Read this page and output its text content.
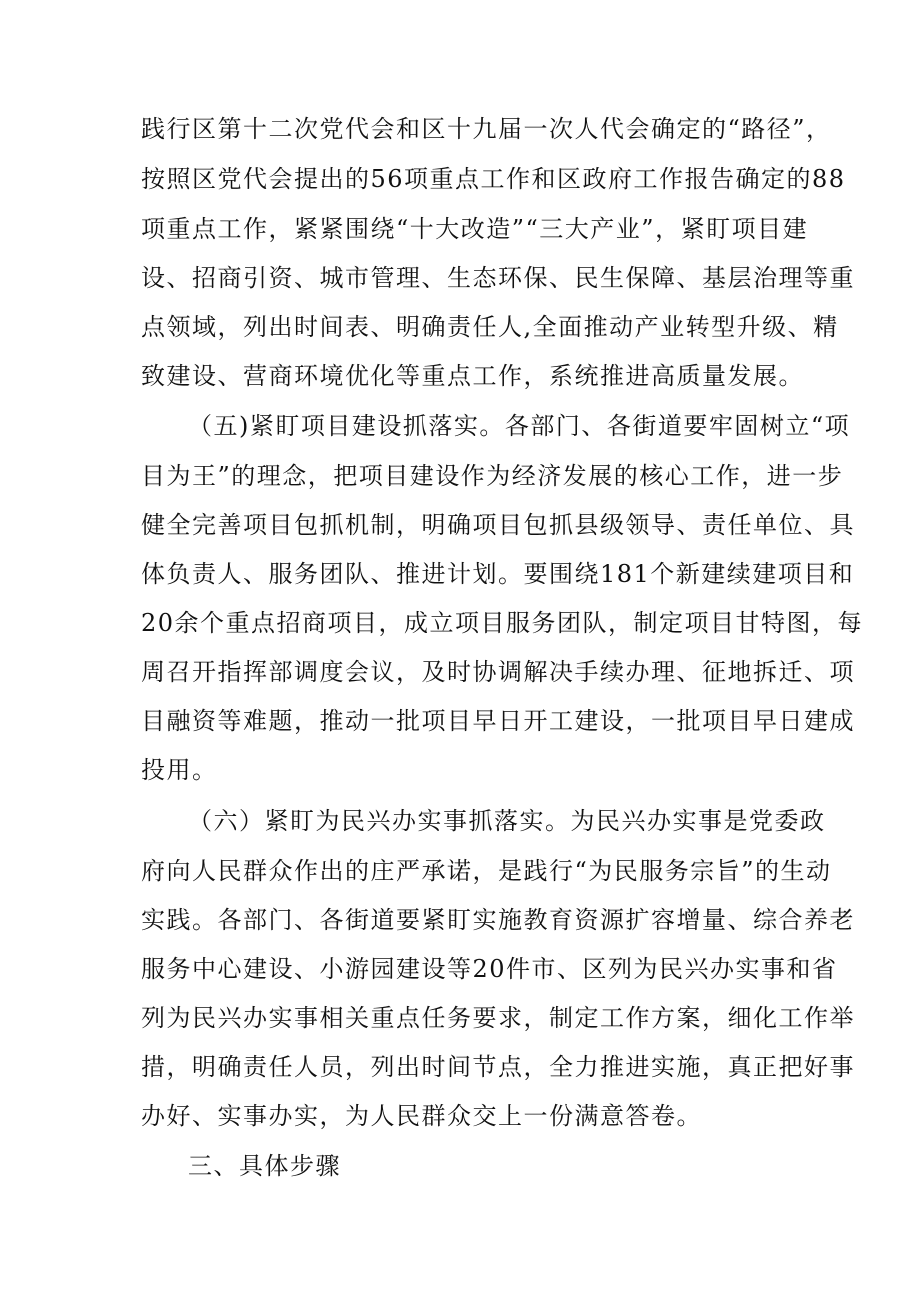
践行区第十二次党代会和区十九届一次人代会确定的“路径”，
按照区党代会提出的56项重点工作和区政府工作报告确定的88
项重点工作，紧紧围绕“十大改造”“三大产业”，紧盯项目建
设、招商引资、城市管理、生态环保、民生保障、基层治理等重
点领域，列出时间表、明确责任人,全面推动产业转型升级、精
致建设、营商环境优化等重点工作，系统推进高质量发展。
（五)紧盯项目建设抓落实。各部门、各街道要牢固树立“项
目为王”的理念，把项目建设作为经济发展的核心工作，进一步
健全完善项目包抓机制，明确项目包抓县级领导、责任单位、具
体负责人、服务团队、推进计划。要围绕181个新建续建项目和
20余个重点招商项目，成立项目服务团队，制定项目甘特图，每
周召开指挥部调度会议，及时协调解决手续办理、征地拆迁、项
目融资等难题，推动一批项目早日开工建设，一批项目早日建成
投用。
（六）紧盯为民兴办实事抓落实。为民兴办实事是党委政
府向人民群众作出的庄严承诺，是践行“为民服务宗旨”的生动
实践。各部门、各街道要紧盯实施教育资源扩容增量、综合养老
服务中心建设、小游园建设等20件市、区列为民兴办实事和省
列为民兴办实事相关重点任务要求，制定工作方案，细化工作举
措，明确责任人员，列出时间节点，全力推进实施，真正把好事
办好、实事办实，为人民群众交上一份满意答卷。
三、具体步骤
